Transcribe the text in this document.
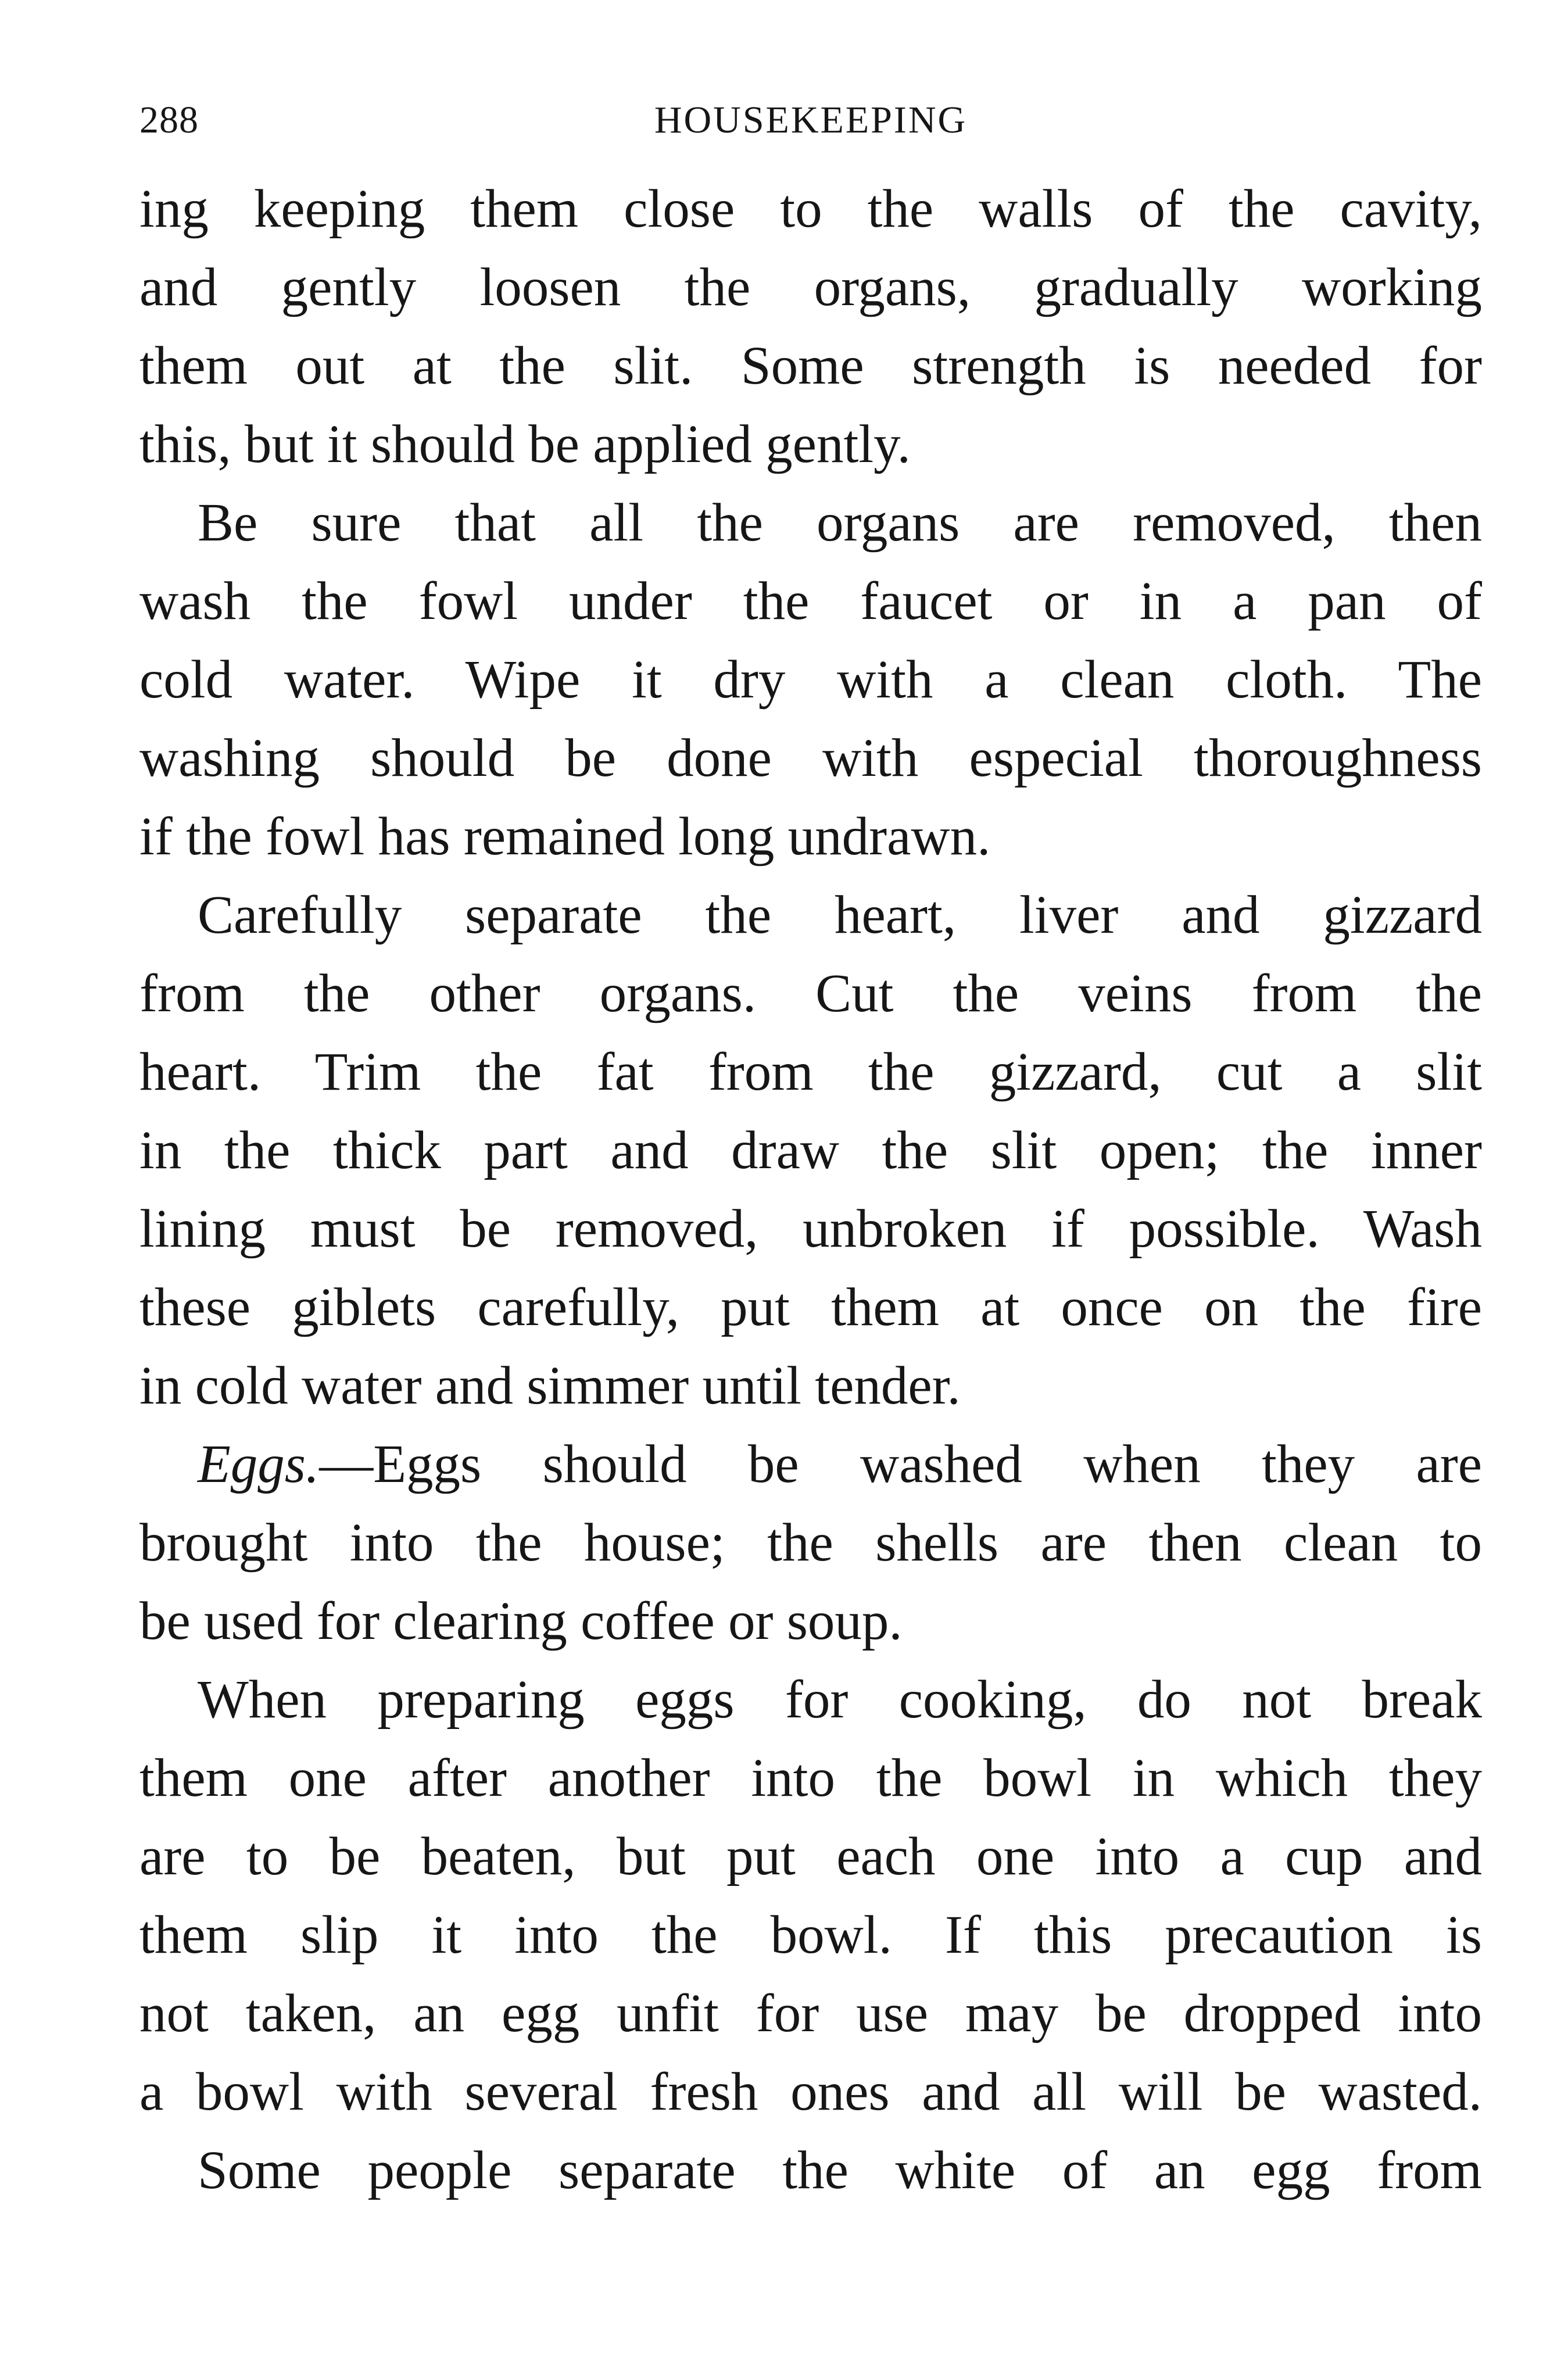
288	HOUSEKEEPING
ing keeping them close to the walls of the cavity,
and gently loosen the organs, gradually working
them out at the slit. Some strength is needed for
this, but it should be applied gently.
Be sure that all the organs are removed, then
wash the fowl under the faucet or in a pan of
cold water. Wipe it dry with a clean cloth. The
washing should be done with especial thoroughness
if the fowl has remained long undrawn.
Carefully separate the heart, liver and gizzard
from the other organs. Cut the veins from the
heart. Trim the fat from the gizzard, cut a slit
in the thick part and draw the slit open; the inner
lining must be removed, unbroken if possible. Wash
these giblets carefully, put them at once on the fire
in cold water and simmer until tender.
Eggs.—Eggs should be washed when they are
brought into the house; the shells are then clean to
be used for clearing coffee or soup.
When preparing eggs for cooking, do not break
them one after another into the bowl in which they
are to be beaten, but put each one into a cup and
them slip it into the bowl. If this precaution is
not taken, an egg unfit for use may be dropped into
a bowl with several fresh ones and all will be wasted.
Some people separate the white of an egg from
